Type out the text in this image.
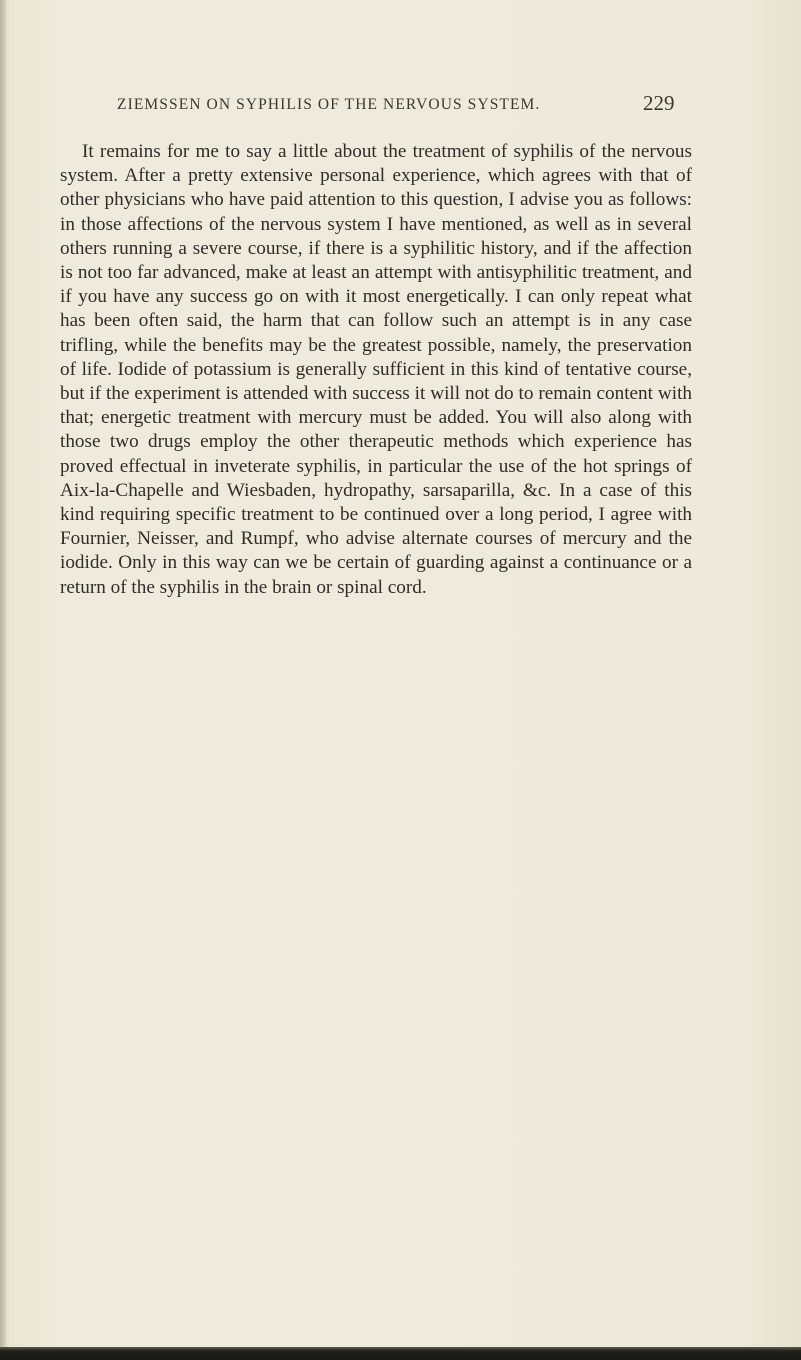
ZIEMSSEN ON SYPHILIS OF THE NERVOUS SYSTEM.	229

It remains for me to say a little about the treatment of syphilis of the nervous system. After a pretty extensive personal experience, which agrees with that of other physicians who have paid attention to this question, I advise you as follows: in those affections of the nervous system I have mentioned, as well as in several others running a severe course, if there is a syphilitic history, and if the affection is not too far advanced, make at least an attempt with antisyphilitic treatment, and if you have any success go on with it most energetically. I can only repeat what has been often said, the harm that can follow such an attempt is in any case trifling, while the benefits may be the greatest possible, namely, the preservation of life. Iodide of potassium is generally sufficient in this kind of tentative course, but if the experiment is attended with success it will not do to remain content with that; energetic treatment with mercury must be added. You will also along with those two drugs employ the other therapeutic methods which experience has proved effectual in inveterate syphilis, in particular the use of the hot springs of Aix-la-Chapelle and Wiesbaden, hydropathy, sarsaparilla, &c. In a case of this kind requiring specific treatment to be continued over a long period, I agree with Fournier, Neisser, and Rumpf, who advise alternate courses of mercury and the iodide. Only in this way can we be certain of guarding against a continuance or a return of the syphilis in the brain or spinal cord.
